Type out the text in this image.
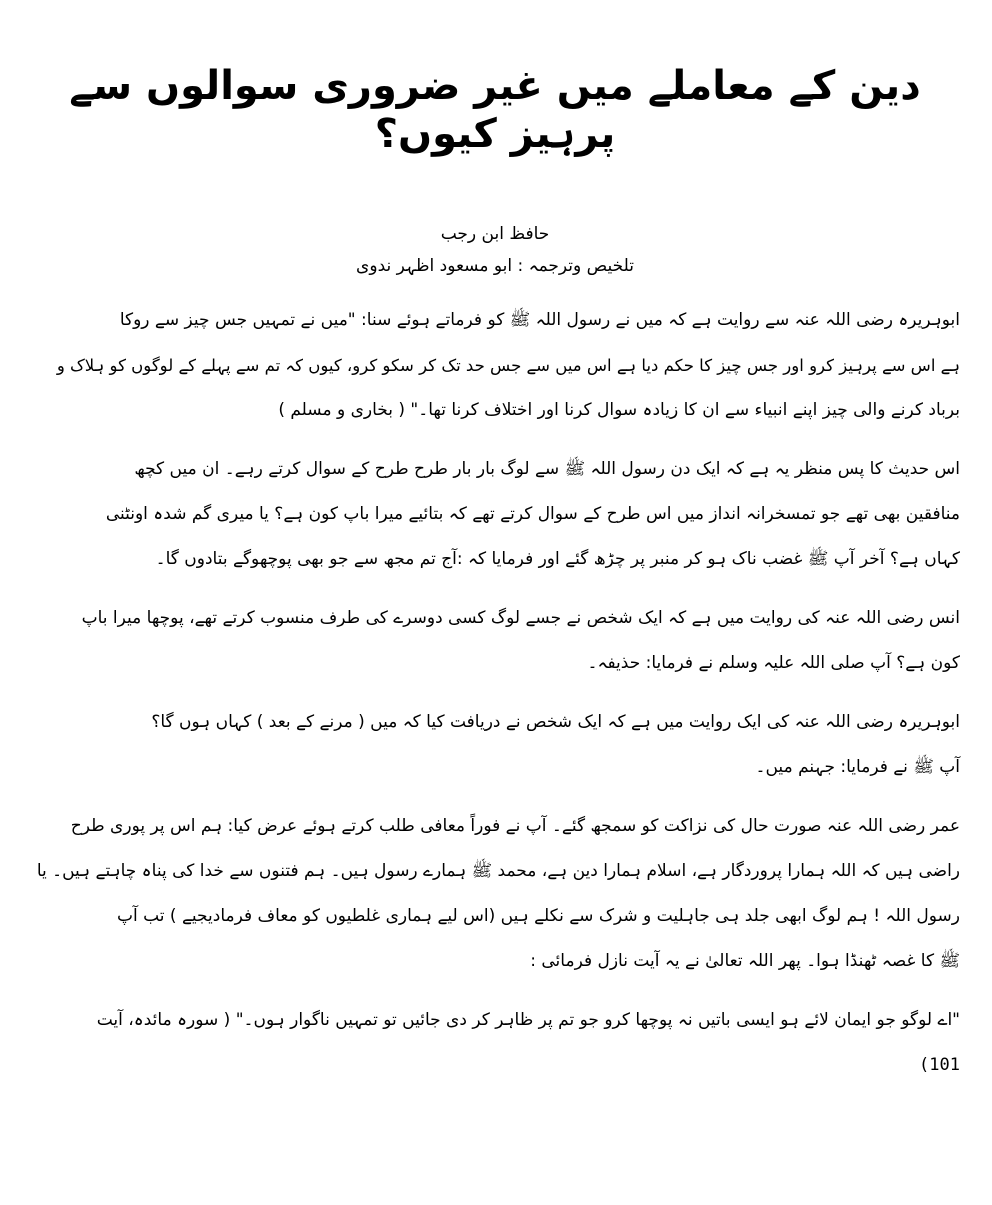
دین کے معاملے میں غیر ضروری سوالوں سے پرہیز کیوں؟
حافظ ابن رجب
تلخیص وترجمہ : ابو مسعود اظہر ندوی
ابوہریرہ رضی اللہ عنہ سے روایت ہے کہ میں نے رسول اللہ ﷺ کو فرماتے ہوئے سنا: "میں نے تمہیں جس چیز سے روکا
ہے اس سے پرہیز کرو اور جس چیز کا حکم دیا ہے اس میں سے جس حد تک کر سکو کرو، کیوں کہ تم سے پہلے کے لوگوں کو ہلاک و
برباد کرنے والی چیز اپنے انبیاء سے ان کا زیادہ سوال کرنا اور اختلاف کرنا تھا۔" ( بخاری و مسلم )
اس حدیث کا پس منظر یہ ہے کہ ایک دن رسول اللہ ﷺ سے لوگ بار بار طرح طرح کے سوال کرتے رہے۔ ان میں کچھ
منافقین بھی تھے جو تمسخرانہ انداز میں اس طرح کے سوال کرتے تھے کہ بتائیے میرا باپ کون ہے؟ یا میری گم شدہ اونٹنی
کہاں ہے؟ آخر آپ ﷺ غضب ناک ہو کر منبر پر چڑھ گئے اور فرمایا کہ :آج تم مجھ سے جو بھی پوچھوگے بتادوں گا۔
انس رضی اللہ عنہ کی روایت میں ہے کہ ایک شخص نے جسے لوگ کسی دوسرے کی طرف منسوب کرتے تھے، پوچھا میرا باپ
کون ہے؟ آپ صلی اللہ علیہ وسلم نے فرمایا: حذیفہ۔
ابوہریرہ رضی اللہ عنہ کی ایک روایت میں ہے کہ ایک شخص نے دریافت کیا کہ میں ( مرنے کے بعد ) کہاں ہوں گا؟
آپ ﷺ نے فرمایا: جہنم میں۔
عمر رضی اللہ عنہ صورت حال کی نزاکت کو سمجھ گئے۔ آپ نے فوراً معافی طلب کرتے ہوئے عرض کیا: ہم اس پر پوری طرح
راضی ہیں کہ اللہ ہمارا پروردگار ہے، اسلام ہمارا دین ہے، محمد ﷺ ہمارے رسول ہیں۔ ہم فتنوں سے خدا کی پناہ چاہتے ہیں۔ یا
رسول اللہ ! ہم لوگ ابھی جلد ہی جاہلیت و شرک سے نکلے ہیں (اس لیے ہماری غلطیوں کو معاف فرمادیجیے ) تب آپ
ﷺ کا غصہ ٹھنڈا ہوا۔ پھر اللہ تعالیٰ نے یہ آیت نازل فرمائی :
"اے لوگو جو ایمان لائے ہو ایسی باتیں نہ پوچھا کرو جو تم پر ظاہر کر دی جائیں تو تمہیں ناگوار ہوں۔" ( سورہ مائدہ، آیت
(101
